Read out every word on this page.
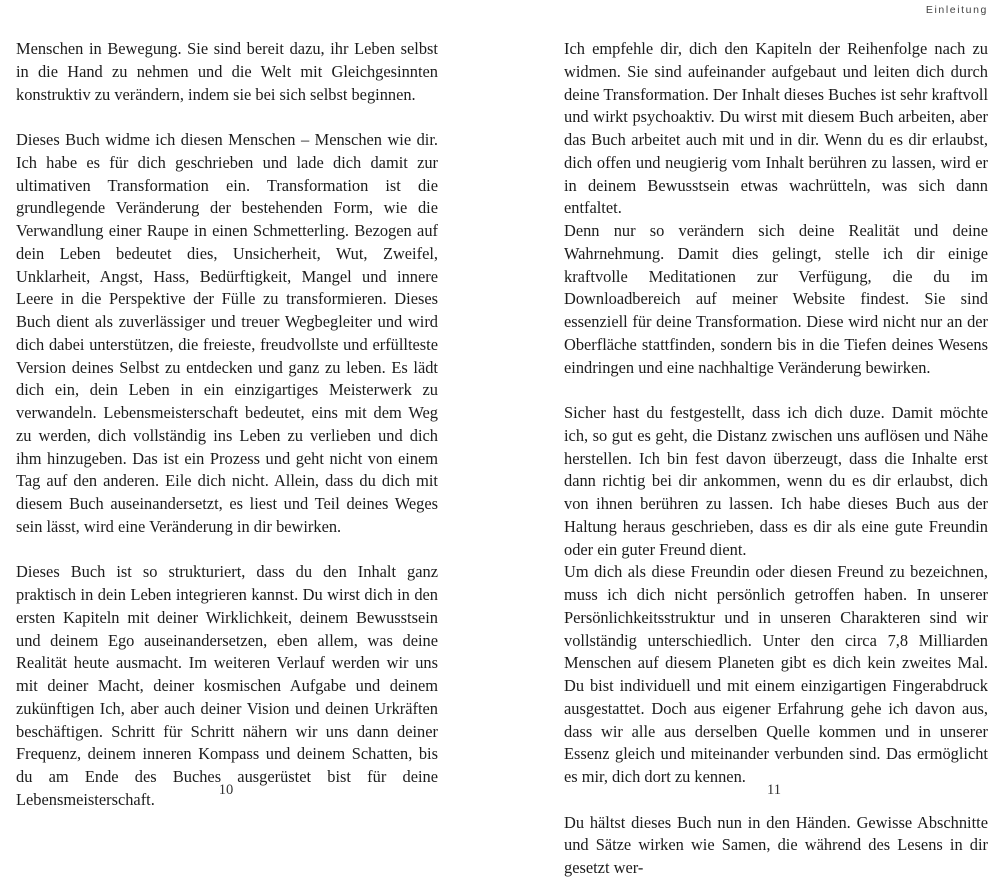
Menschen in Bewegung. Sie sind bereit dazu, ihr Leben selbst in die Hand zu nehmen und die Welt mit Gleichgesinnten konstruktiv zu verändern, indem sie bei sich selbst beginnen.

Dieses Buch widme ich diesen Menschen – Menschen wie dir. Ich habe es für dich geschrieben und lade dich damit zur ultimativen Transformation ein. Transformation ist die grundlegende Veränderung der bestehenden Form, wie die Verwandlung einer Raupe in einen Schmetterling. Bezogen auf dein Leben bedeutet dies, Unsicherheit, Wut, Zweifel, Unklarheit, Angst, Hass, Bedürftigkeit, Mangel und innere Leere in die Perspektive der Fülle zu transformieren. Dieses Buch dient als zuverlässiger und treuer Wegbegleiter und wird dich dabei unterstützen, die freieste, freudvollste und erfüllteste Version deines Selbst zu entdecken und ganz zu leben. Es lädt dich ein, dein Leben in ein einzigartiges Meisterwerk zu verwandeln. Lebensmeisterschaft bedeutet, eins mit dem Weg zu werden, dich vollständig ins Leben zu verlieben und dich ihm hinzugeben. Das ist ein Prozess und geht nicht von einem Tag auf den anderen. Eile dich nicht. Allein, dass du dich mit diesem Buch auseinandersetzt, es liest und Teil deines Weges sein lässt, wird eine Veränderung in dir bewirken.

Dieses Buch ist so strukturiert, dass du den Inhalt ganz praktisch in dein Leben integrieren kannst. Du wirst dich in den ersten Kapiteln mit deiner Wirklichkeit, deinem Bewusstsein und deinem Ego auseinandersetzen, eben allem, was deine Realität heute ausmacht. Im weiteren Verlauf werden wir uns mit deiner Macht, deiner kosmischen Aufgabe und deinem zukünftigen Ich, aber auch deiner Vision und deinen Urkräften beschäftigen. Schritt für Schritt nähern wir uns dann deiner Frequenz, deinem inneren Kompass und deinem Schatten, bis du am Ende des Buches ausgerüstet bist für deine Lebensmeisterschaft.	10
Einleitung

Ich empfehle dir, dich den Kapiteln der Reihenfolge nach zu widmen. Sie sind aufeinander aufgebaut und leiten dich durch deine Transformation. Der Inhalt dieses Buches ist sehr kraftvoll und wirkt psychoaktiv. Du wirst mit diesem Buch arbeiten, aber das Buch arbeitet auch mit und in dir. Wenn du es dir erlaubst, dich offen und neugierig vom Inhalt berühren zu lassen, wird er in deinem Bewusstsein etwas wachrütteln, was sich dann entfaltet.

Denn nur so verändern sich deine Realität und deine Wahrnehmung. Damit dies gelingt, stelle ich dir einige kraftvolle Meditationen zur Verfügung, die du im Downloadbereich auf meiner Website findest. Sie sind essenziell für deine Transformation. Diese wird nicht nur an der Oberfläche stattfinden, sondern bis in die Tiefen deines Wesens eindringen und eine nachhaltige Veränderung bewirken.

Sicher hast du festgestellt, dass ich dich duze. Damit möchte ich, so gut es geht, die Distanz zwischen uns auflösen und Nähe herstellen. Ich bin fest davon überzeugt, dass die Inhalte erst dann richtig bei dir ankommen, wenn du es dir erlaubst, dich von ihnen berühren zu lassen. Ich habe dieses Buch aus der Haltung heraus geschrieben, dass es dir als eine gute Freundin oder ein guter Freund dient.

Um dich als diese Freundin oder diesen Freund zu bezeichnen, muss ich dich nicht persönlich getroffen haben. In unserer Persönlichkeitsstruktur und in unseren Charakteren sind wir vollständig unterschiedlich. Unter den circa 7,8 Milliarden Menschen auf diesem Planeten gibt es dich kein zweites Mal. Du bist individuell und mit einem einzigartigen Fingerabdruck ausgestattet. Doch aus eigener Erfahrung gehe ich davon aus, dass wir alle aus derselben Quelle kommen und in unserer Essenz gleich und miteinander verbunden sind. Das ermöglicht es mir, dich dort zu kennen.

Du hältst dieses Buch nun in den Händen. Gewisse Abschnitte und Sätze wirken wie Samen, die während des Lesens in dir gesetzt wer-

11
